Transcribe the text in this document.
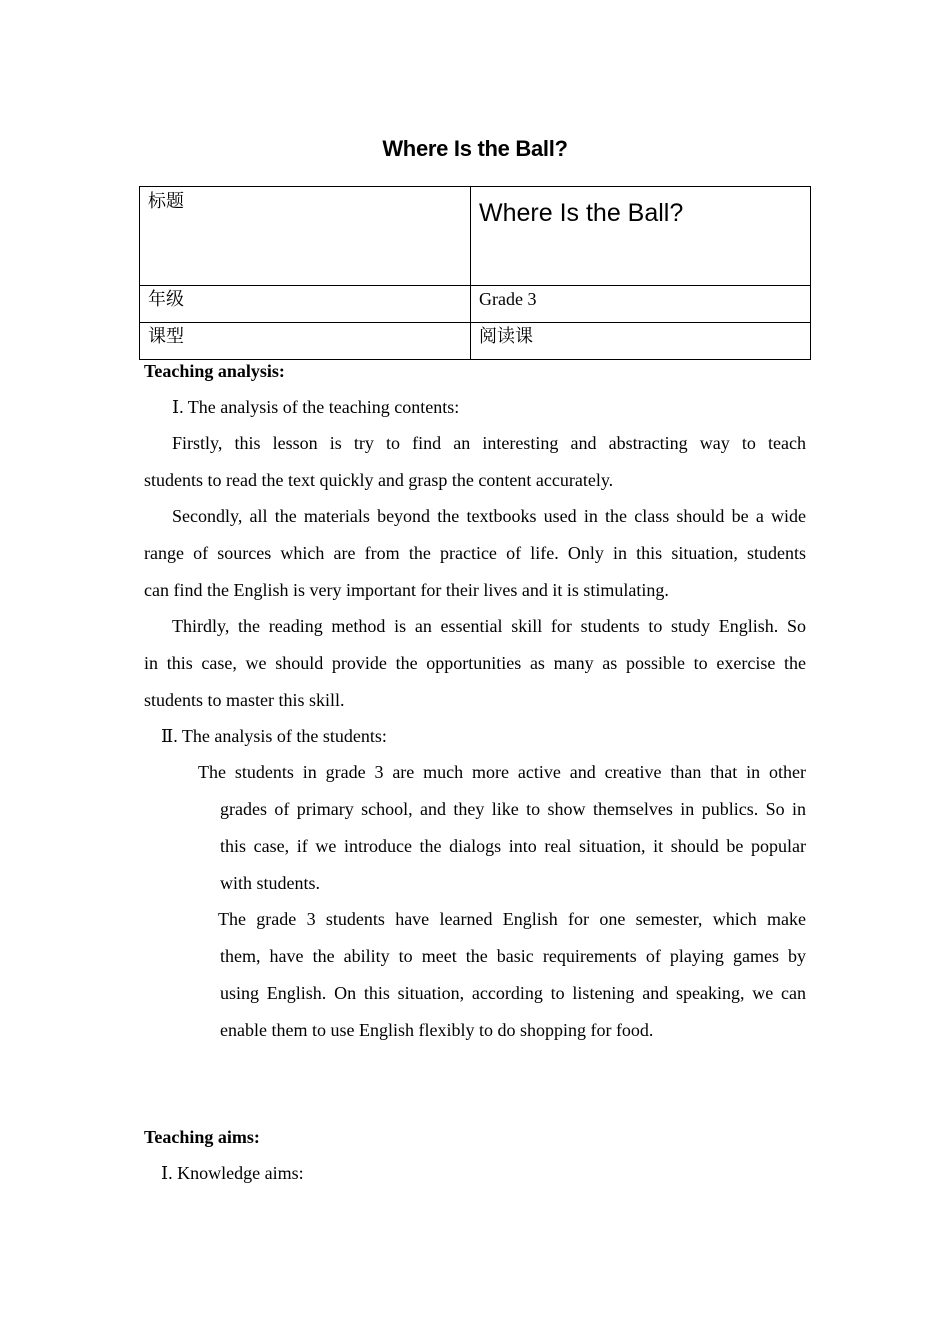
Where Is the Ball?
标题	Where Is the Ball?
年级	Grade 3
课型	阅读课
Teaching analysis:
Ⅰ. The analysis of the teaching contents:
Firstly, this lesson is try to find an interesting and abstracting way to teach
students to read the text quickly and grasp the content accurately.
Secondly, all the materials beyond the textbooks used in the class should be a wide
range of sources which are from the practice of life. Only in this situation, students
can find the English is very important for their lives and it is stimulating.
Thirdly, the reading method is an essential skill for students to study English. So
in this case, we should provide the opportunities as many as possible to exercise the
students to master this skill.
Ⅱ. The analysis of the students:
The students in grade 3 are much more active and creative than that in other
grades of primary school, and they like to show themselves in publics. So in
this case, if we introduce the dialogs into real situation, it should be popular
with students.
The grade 3 students have learned English for one semester, which make
them, have the ability to meet the basic requirements of playing games by
using English. On this situation, according to listening and speaking, we can
enable them to use English flexibly to do shopping for food.
Teaching aims:
Ⅰ. Knowledge aims:
